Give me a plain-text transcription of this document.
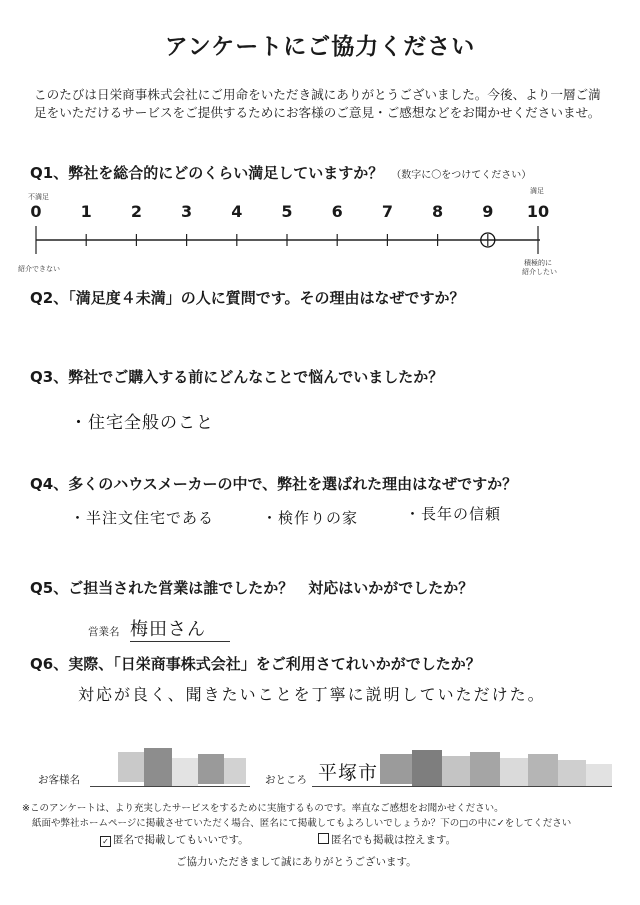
アンケートにご協力ください
このたびは日栄商事株式会社にご用命をいただき誠にありがとうございました。今後、より一層ご満足をいただけるサービスをご提供するためにお客様のご意見・ご感想などをお聞かせくださいませ。
Q1、弊社を総合的にどのくらい満足していますか？ （数字に〇をつけてください）
不満足
満足
紹介できない
積極的に
紹介したい
0	1	2	3	4	5	6	7	8	9	10
Q2、「満足度４未満」の人に質問です。その理由はなぜですか？
Q3、弊社でご購入する前にどんなことで悩んでいましたか？
・住宅全般のこと
Q4、多くのハウスメーカーの中で、弊社を選ばれた理由はなぜですか？
・半注文住宅である	・検作りの家	・長年の信頼
Q5、ご担当された営業は誰でしたか？　対応はいかがでしたか？
営業名 梅田さん
Q6、実際、「日栄商事株式会社」をご利用さてれいかがでしたか？
対応が良く、聞きたいことを丁寧に説明していただけた。
お客様名	おところ 平塚市
※このアンケートは、より充実したサービスをするために実施するものです。率直なご感想をお聞かせください。
紙面や弊社ホームページに掲載させていただく場合、匿名にて掲載してもよろしいでしょうか？下の□の中に✓をしてください
✓ 匿名で掲載してもいいです。	匿名でも掲載は控えます。
ご協力いただきまして誠にありがとうございます。
